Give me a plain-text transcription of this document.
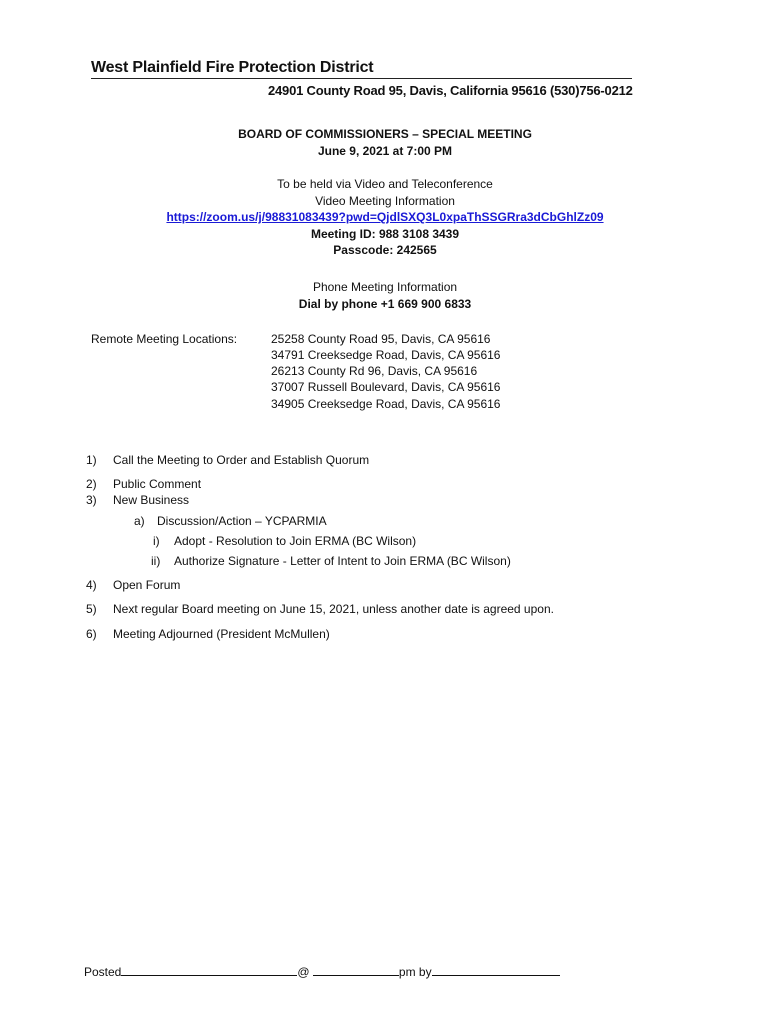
West Plainfield Fire Protection District
24901 County Road 95, Davis, California 95616 (530)756-0212
BOARD OF COMMISSIONERS – SPECIAL MEETING
June 9, 2021 at 7:00 PM
To be held via Video and Teleconference
Video Meeting Information
https://zoom.us/j/98831083439?pwd=QjdlSXQ3L0xpaThSSGRra3dCbGhlZz09
Meeting ID: 988 3108 3439
Passcode: 242565
Phone Meeting Information
Dial by phone +1 669 900 6833
Remote Meeting Locations:	25258 County Road 95, Davis, CA 95616
34791 Creeksedge Road, Davis, CA 95616
26213 County Rd 96, Davis, CA 95616
37007 Russell Boulevard, Davis, CA 95616
34905 Creeksedge Road, Davis, CA 95616
1) Call the Meeting to Order and Establish Quorum
2) Public Comment
3) New Business
a) Discussion/Action – YCPARMIA
i) Adopt - Resolution to Join ERMA (BC Wilson)
ii) Authorize Signature - Letter of Intent to Join ERMA (BC Wilson)
4) Open Forum
5) Next regular Board meeting on June 15, 2021, unless another date is agreed upon.
6) Meeting Adjourned (President McMullen)
Posted	@	pm by
